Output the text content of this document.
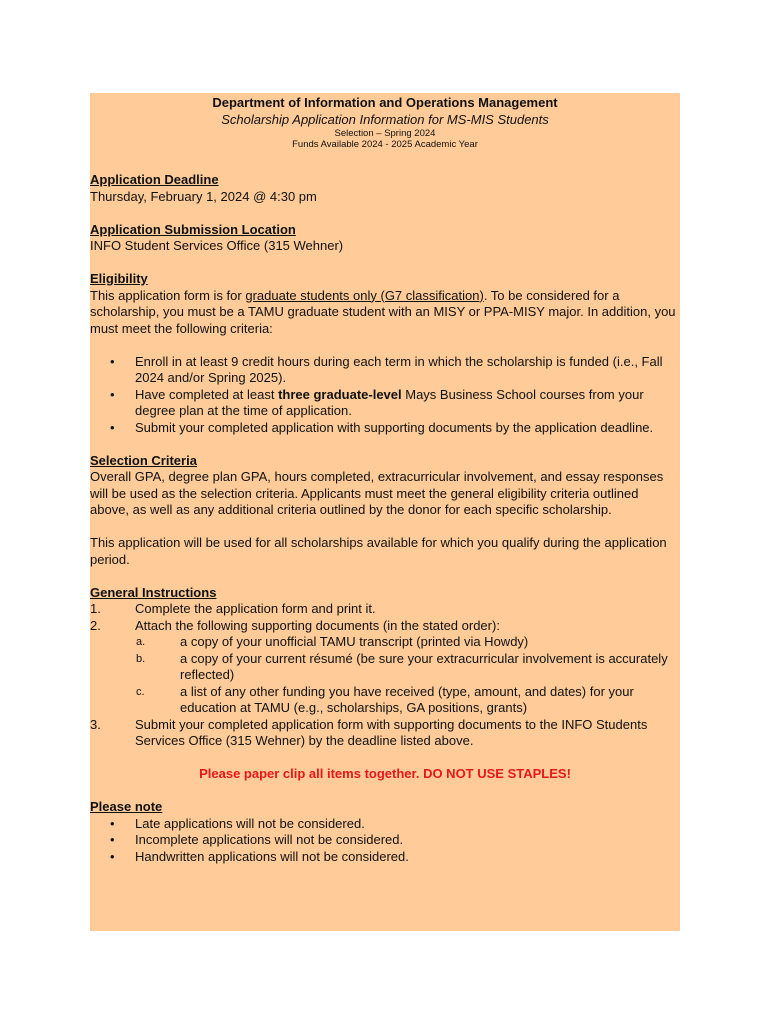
Department of Information and Operations Management
Scholarship Application Information for MS-MIS Students
Selection – Spring 2024
Funds Available 2024 - 2025 Academic Year
Application Deadline
Thursday, February 1, 2024 @ 4:30 pm
Application Submission Location
INFO Student Services Office (315 Wehner)
Eligibility
This application form is for graduate students only (G7 classification). To be considered for a scholarship, you must be a TAMU graduate student with an MISY or PPA-MISY major. In addition, you must meet the following criteria:
• Enroll in at least 9 credit hours during each term in which the scholarship is funded (i.e., Fall 2024 and/or Spring 2025).
• Have completed at least three graduate-level Mays Business School courses from your degree plan at the time of application.
• Submit your completed application with supporting documents by the application deadline.
Selection Criteria
Overall GPA, degree plan GPA, hours completed, extracurricular involvement, and essay responses will be used as the selection criteria. Applicants must meet the general eligibility criteria outlined above, as well as any additional criteria outlined by the donor for each specific scholarship.
This application will be used for all scholarships available for which you qualify during the application period.
General Instructions
1.	Complete the application form and print it.
2.	Attach the following supporting documents (in the stated order):
a.	a copy of your unofficial TAMU transcript (printed via Howdy)
b.	a copy of your current résumé (be sure your extracurricular involvement is accurately reflected)
c.	a list of any other funding you have received (type, amount, and dates) for your education at TAMU (e.g., scholarships, GA positions, grants)
3.	Submit your completed application form with supporting documents to the INFO Students Services Office (315 Wehner) by the deadline listed above.
Please paper clip all items together. DO NOT USE STAPLES!
Please note
• Late applications will not be considered.
• Incomplete applications will not be considered.
• Handwritten applications will not be considered.
